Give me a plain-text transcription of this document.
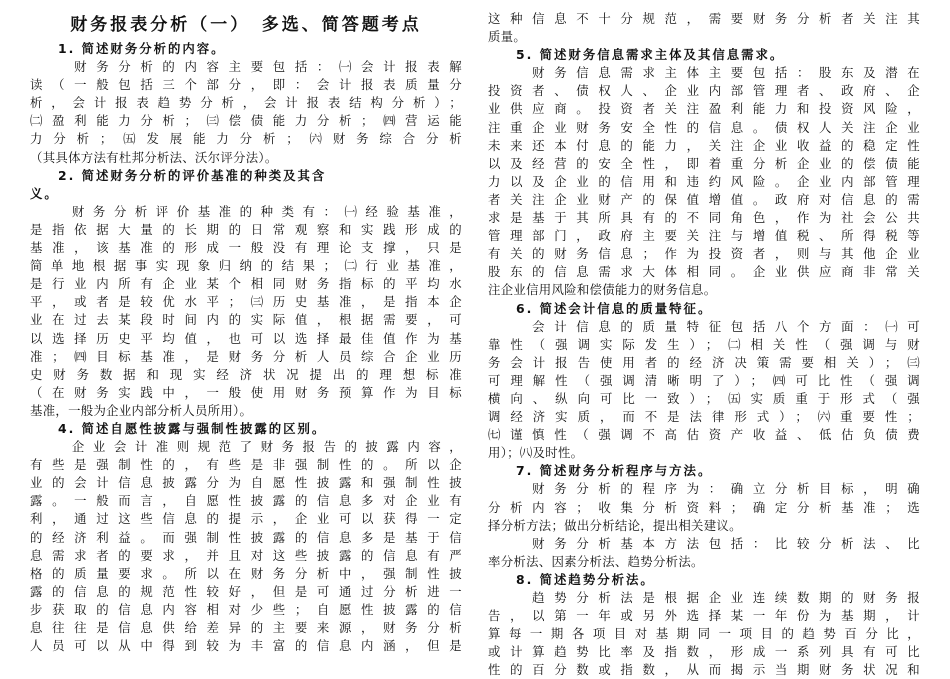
财务报表分析（一）　多选、简答题考点
1. 简述财务分析的内容。
　　财务分析的内容主要包括：㈠会计报表解
读（一般包括三个部分，即：会计报表质量分
析，会计报表趋势分析，会计报表结构分析）；
㈡盈利能力分析；㈢偿债能力分析；㈣营运能
力分析；㈤发展能力分析；㈥财务综合分析
（其具体方法有杜邦分析法、沃尔评分法）。
2. 简述财务分析的评价基准的种类及其含
义。
　　财务分析评价基准的种类有：㈠经验基准，
是指依据大量的长期的日常观察和实践形成的
基准，该基准的形成一般没有理论支撑，只是
简单地根据事实现象归纳的结果；㈡行业基准，
是行业内所有企业某个相同财务指标的平均水
平，或者是较优水平；㈢历史基准，是指本企
业在过去某段时间内的实际值，根据需要，可
以选择历史平均值，也可以选择最佳值作为基
准；㈣目标基准，是财务分析人员综合企业历
史财务数据和现实经济状况提出的理想标准
（在财务实践中，一般使用财务预算作为目标
基准，一般为企业内部分析人员所用）。
4. 简述自愿性披露与强制性披露的区别。
　　企业会计准则规范了财务报告的披露内容，
有些是强制性的，有些是非强制性的。所以企
业的会计信息披露分为自愿性披露和强制性披
露。一般而言，自愿性披露的信息多对企业有
利，通过这些信息的提示，企业可以获得一定
的经济利益。而强制性披露的信息多是基于信
息需求者的要求，并且对这些披露的信息有严
格的质量要求。所以在财务分析中，强制性披
露的信息的规范性较好，但是可通过分析进一
步获取的信息内容相对少些；自愿性披露的信
息往往是信息供给差异的主要来源，财务分析
人员可以从中得到较为丰富的信息内涵，但是
这种信息不十分规范，需要财务分析者关注其
质量。
5. 简述财务信息需求主体及其信息需求。
　　财务信息需求主体主要包括：股东及潜在
投资者、债权人、企业内部管理者、政府、企
业供应商。投资者关注盈利能力和投资风险，
注重企业财务安全性的信息。债权人关注企业
未来还本付息的能力，关注企业收益的稳定性
以及经营的安全性，即着重分析企业的偿债能
力以及企业的信用和违约风险。企业内部管理
者关注企业财产的保值增值。政府对信息的需
求是基于其所具有的不同角色，作为社会公共
管理部门，政府主要关注与增值税、所得税等
有关的财务信息；作为投资者，则与其他企业
股东的信息需求大体相同。企业供应商非常关
注企业信用风险和偿债能力的财务信息。
6. 简述会计信息的质量特征。
　　会计信息的质量特征包括八个方面：㈠可
靠性（强调实际发生）；㈡相关性（强调与财
务会计报告使用者的经济决策需要相关）；㈢
可理解性（强调清晰明了）；㈣可比性（强调
横向、纵向可比一致）；㈤实质重于形式（强
调经济实质，而不是法律形式）；㈥重要性；
㈦谨慎性（强调不高估资产收益、低估负债费
用）；㈧及时性。
7. 简述财务分析程序与方法。
　　财务分析的程序为：确立分析目标，明确
分析内容；收集分析资料；确定分析基准；选
择分析方法；做出分析结论，提出相关建议。
　　财务分析基本方法包括：比较分析法、比
率分析法、因素分析法、趋势分析法。
8. 简述趋势分析法。
　　趋势分析法是根据企业连续数期的财务报
告，以第一年或另外选择某一年份为基期，计
算每一期各项目对基期同一项目的趋势百分比，
或计算趋势比率及指数，形成一系列具有可比
性的百分数或指数，从而揭示当期财务状况和
